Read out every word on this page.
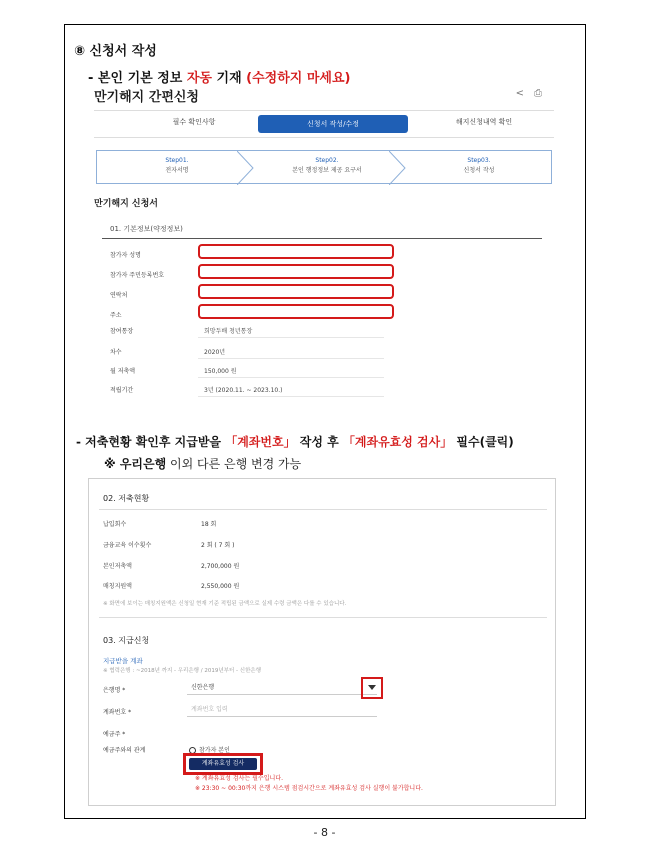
⑧ 신청서 작성
- 본인 기본 정보 자동 기재 (수정하지 마세요)
만기해지 간편신청	<⎙
필수 확인사항	신청서 작성/수정	해지신청내역 확인
Step01.
전자서명
Step02.
본인 행정정보 제공 요구서
Step03.
신청서 작성
만기해지 신청서
01. 기본정보(약정정보)
참가자 성명
참가자 주민등록번호
연락처
주소
참여통장	희망두배 청년통장
차수	2020년
월 저축액	150,000 원
적립기간	3년 (2020.11. ~ 2023.10.)
- 저축현황 확인후 지급받을 「계좌번호」 작성 후 「계좌유효성 검사」 필수(클릭)
※ 우리은행 이외 다른 은행 변경 가능
02. 저축현황
납입회수	18 회
금융교육 이수횟수	2 회 ( 7 회 )
본인저축액	2,700,000 원
매칭지원액	2,550,000 원
※ 화면에 보이는 매칭지원액은 신청일 현재 기준 적립된 금액으로 실제 수령 금액은 다를 수 있습니다.
03. 지급신청
지급받을 계좌
※ 협력은행 : ~2018년 까지 - 우리은행 / 2019년부터 - 신한은행
은행명 *	신한은행
계좌번호 *	계좌번호 입력
예금주 *
예금주와의 관계	참가자 본인
계좌유효성 검사
※ 계좌유효성 검사는 필수입니다.
※ 23:30 ~ 00:30까지 은행 시스템 점검시간으로 계좌유효성 검사 실행이 불가합니다.
- 8 -
